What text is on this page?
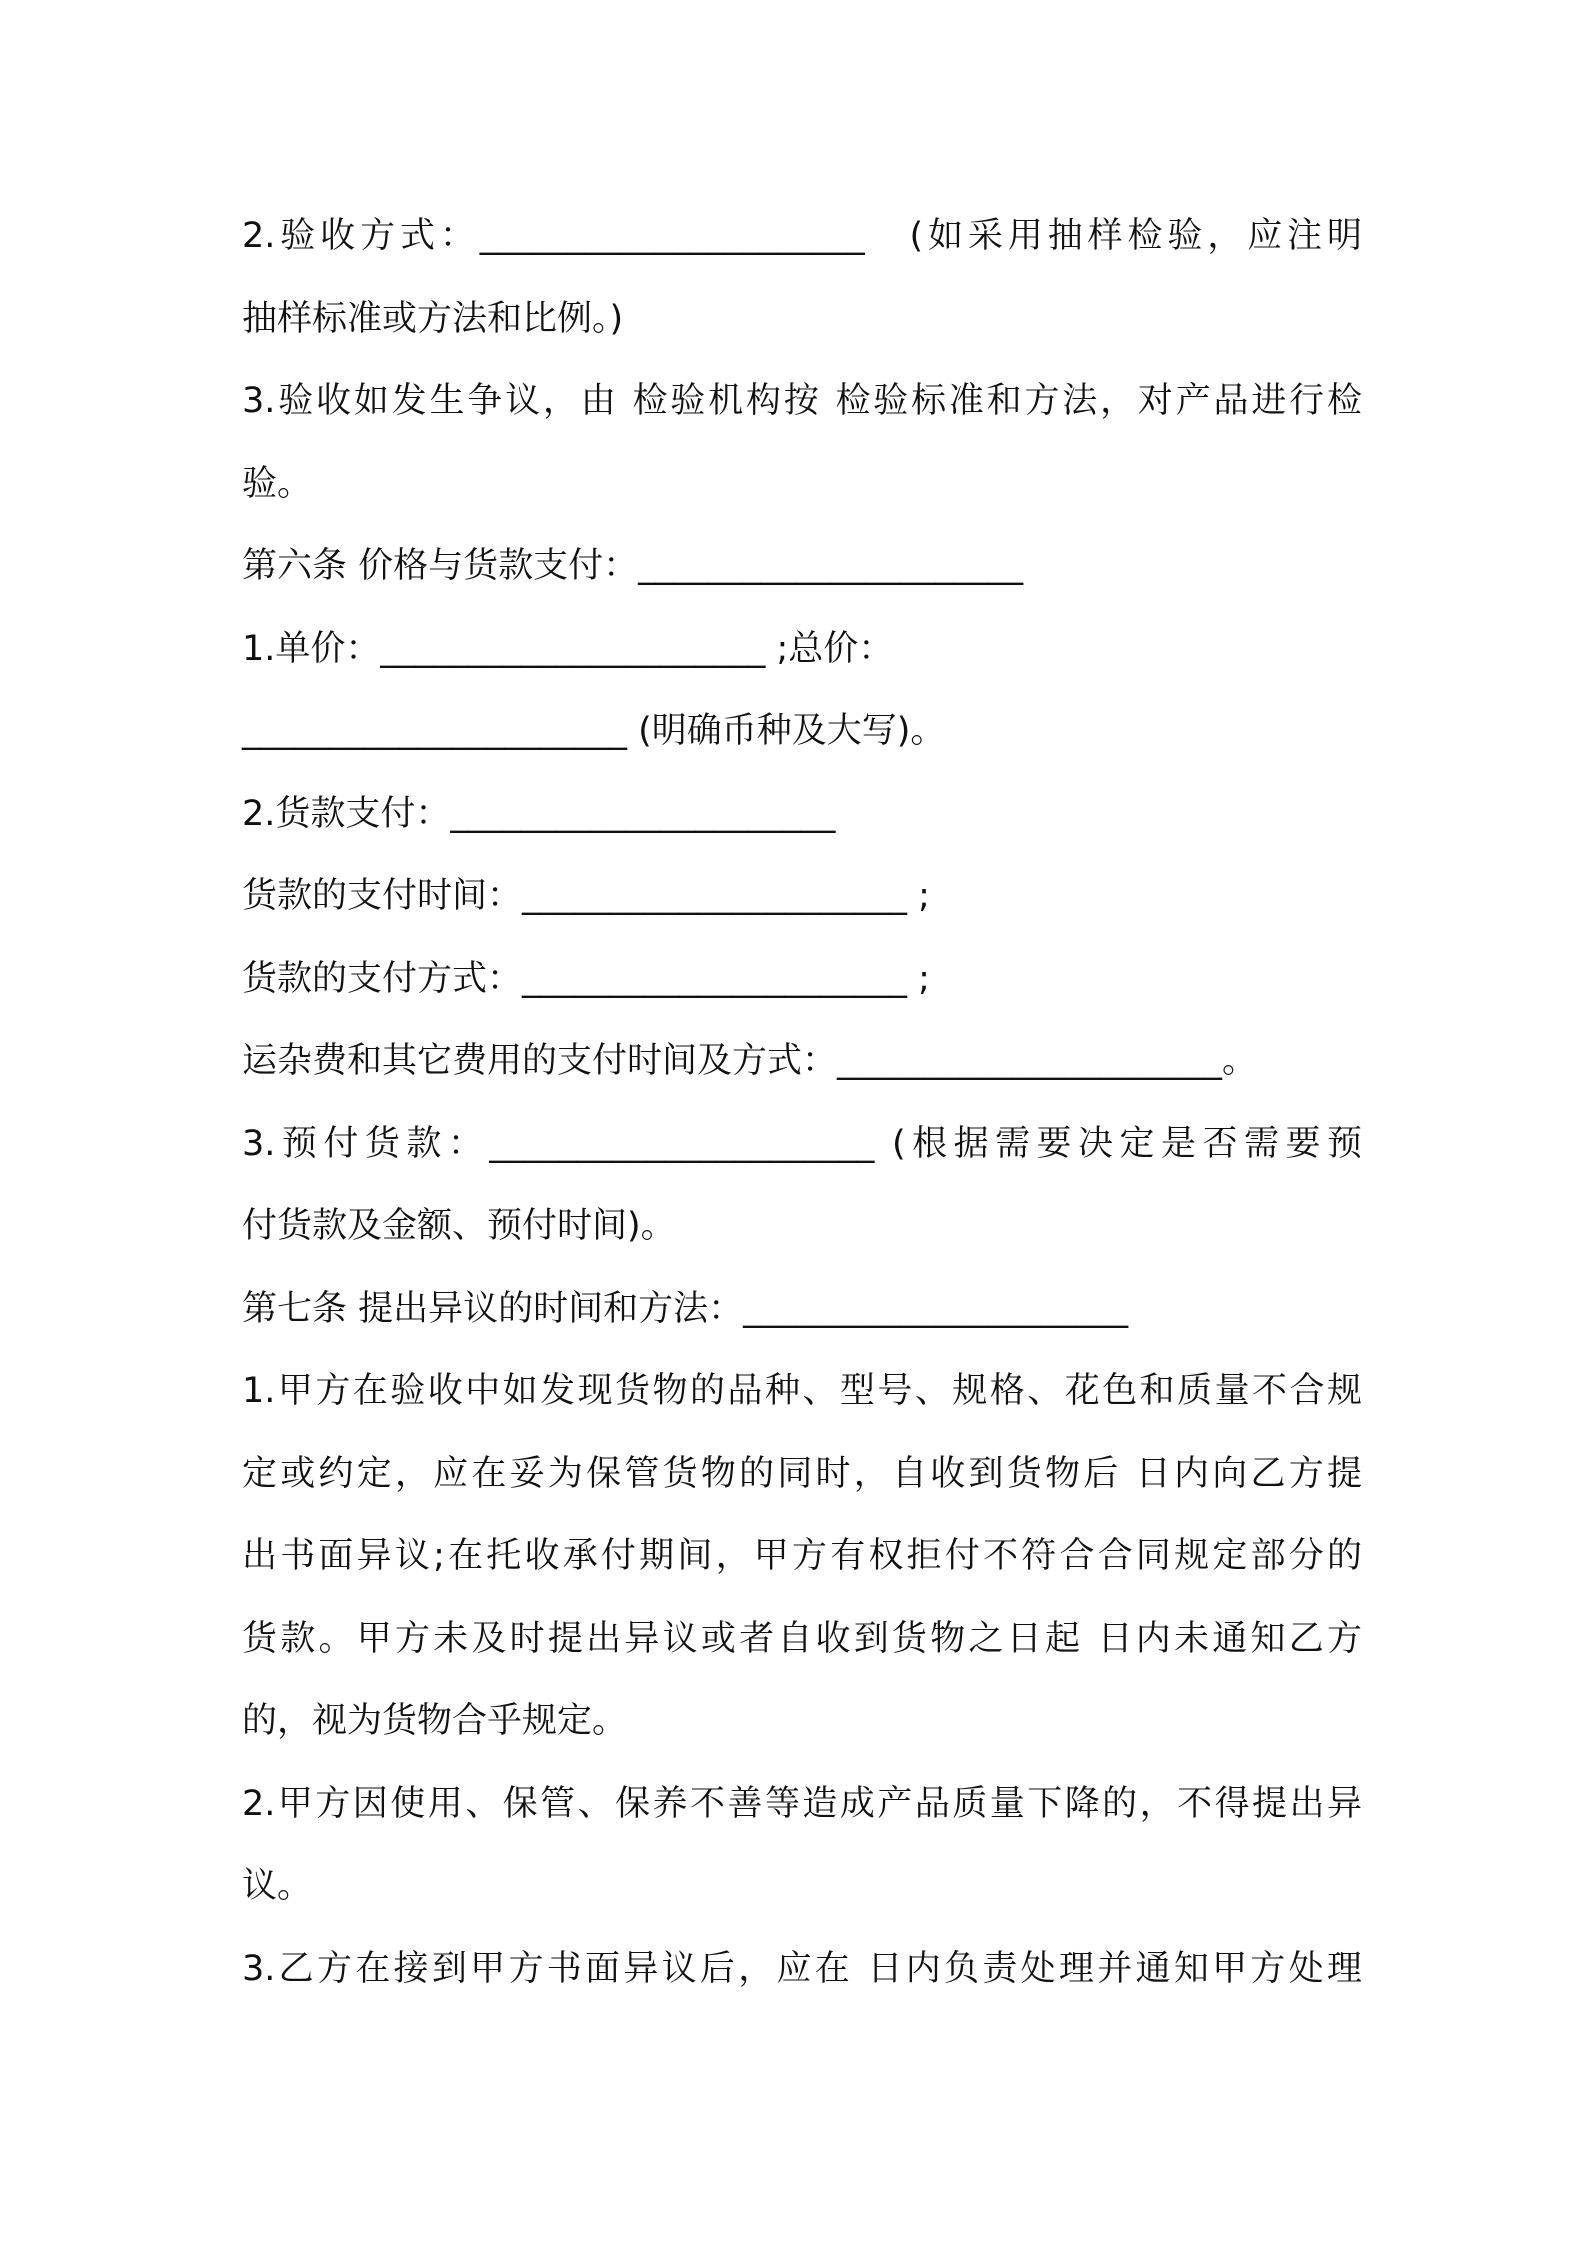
2.验收方式：______________________　(如采用抽样检验，应注明
抽样标准或方法和比例。)
3.验收如发生争议，由 检验机构按 检验标准和方法，对产品进行检
验。
第六条 价格与货款支付：______________________
1.单价：______________________ ;总价：
______________________ (明确币种及大写)。
2.货款支付：______________________
货款的支付时间：______________________ ;
货款的支付方式：______________________ ;
运杂费和其它费用的支付时间及方式：______________________。
3.预付货款：______________________ (根据需要决定是否需要预
付货款及金额、预付时间)。
第七条 提出异议的时间和方法：______________________
1.甲方在验收中如发现货物的品种、型号、规格、花色和质量不合规
定或约定，应在妥为保管货物的同时，自收到货物后 日内向乙方提
出书面异议;在托收承付期间，甲方有权拒付不符合合同规定部分的
货款。甲方未及时提出异议或者自收到货物之日起 日内未通知乙方
的，视为货物合乎规定。
2.甲方因使用、保管、保养不善等造成产品质量下降的，不得提出异
议。
3.乙方在接到甲方书面异议后，应在 日内负责处理并通知甲方处理
